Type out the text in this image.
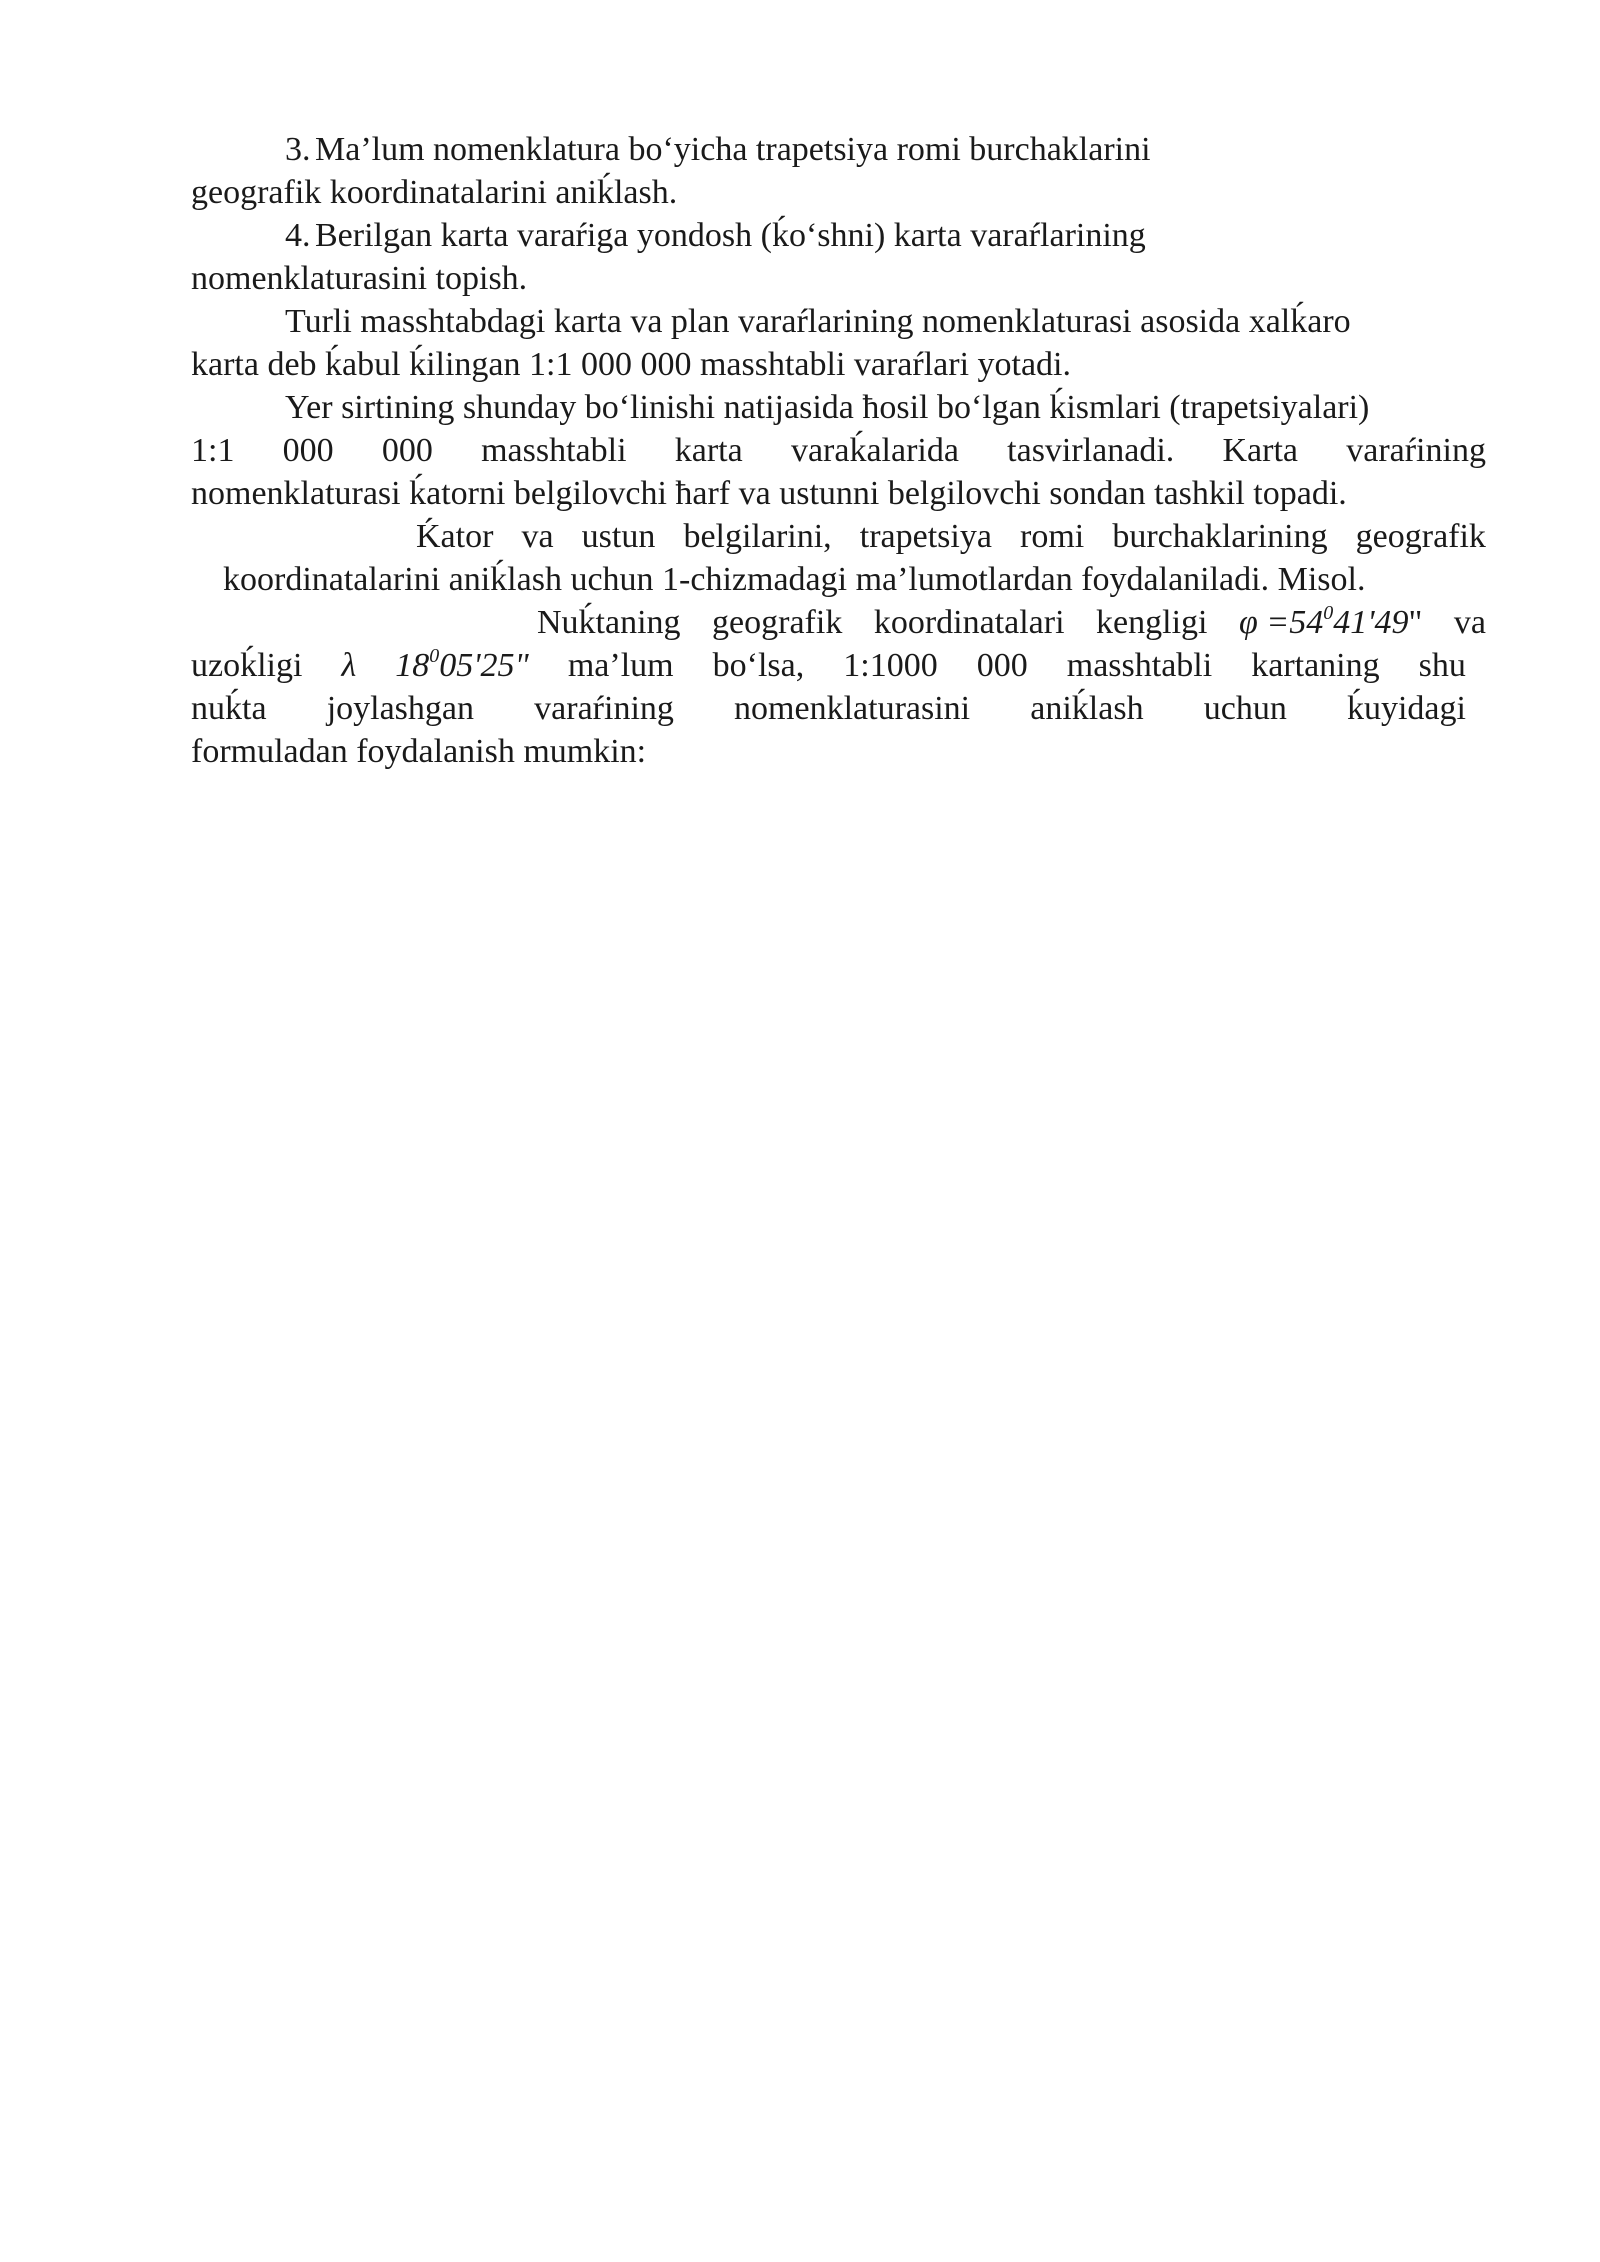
3. Ma’lum nomenklatura boʻyicha trapetsiya romi burchaklarini
geografik koordinatalarini aniḱlash.
4. Berilgan karta varaŕiga yondosh (ḱoʻshni) karta varaŕlarining
nomenklaturasini topish.
Turli masshtabdagi karta va plan varaŕlarining nomenklaturasi asosida xalḱaro
karta deb ḱabul ḱilingan 1:1 000 000 masshtabli varaŕlari yotadi.
Yer sirtining shunday boʻlinishi natijasida ħosil boʻlgan ḱismlari (trapetsiyalari)
1:1 000 000 masshtabli karta varaḱalarida tasvirlanadi. Karta varaŕining
nomenklaturasi ḱatorni belgilovchi ħarf va ustunni belgilovchi sondan tashkil topadi.
Ḱator va ustun belgilarini, trapetsiya romi burchaklarining geografik
koordinatalarini aniḱlash uchun 1-chizmadagi ma’lumotlardan foydalaniladi. Misol.
Nuḱtaning geografik koordinatalari kengligi $\varphi =54^041'49$" va
uzoḱligi λ $18^005'25$" ma’lum boʻlsa, 1:1000 000 masshtabli kartaning shu
nuḱta joylashgan varaŕining nomenklaturasini aniḱlash uchun ḱuyidagi
formuladan foydalanish mumkin:
